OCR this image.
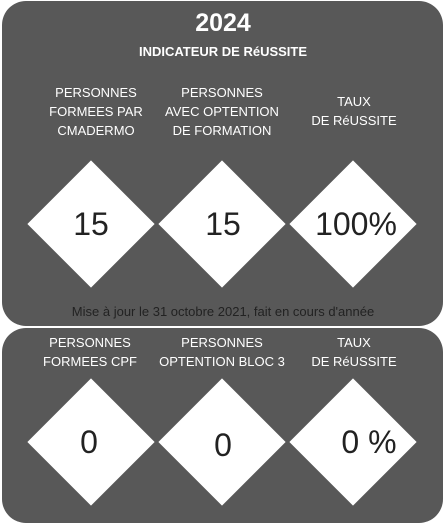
2024
INDICATEUR DE RéUSSITE
PERSONNES
FORMEES PAR
CMADERMO
PERSONNES
AVEC OPTENTION
DE FORMATION
TAUX
DE RéUSSITE
15	15	100%
Mise à jour le 31 octobre 2021, fait en cours d'année
PERSONNES
FORMEES CPF
PERSONNES
OPTENTION BLOC 3
TAUX
DE RéUSSITE
0	0	0 %
